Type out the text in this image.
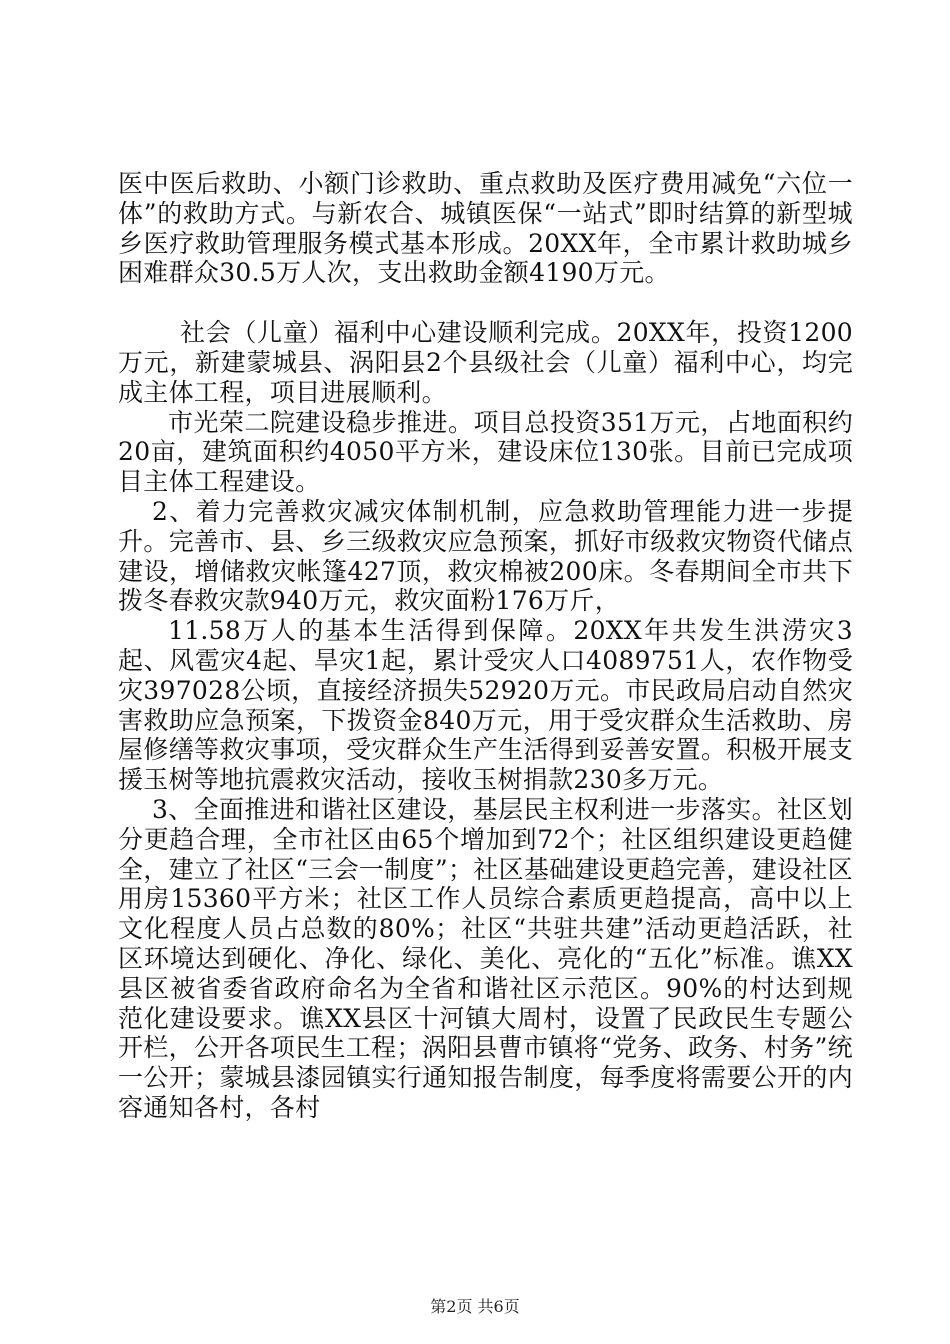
医中医后救助、小额门诊救助、重点救助及医疗费用减免“六位一体”的救助方式。与新农合、城镇医保“一站式”即时结算的新型城乡医疗救助管理服务模式基本形成。20XX年，全市累计救助城乡困难群众30.5万人次，支出救助金额4190万元。

社会（儿童）福利中心建设顺利完成。20XX年，投资1200万元，新建蒙城县、涡阳县2个县级社会（儿童）福利中心，均完成主体工程，项目进展顺利。

市光荣二院建设稳步推进。项目总投资351万元，占地面积约20亩，建筑面积约4050平方米，建设床位130张。目前已完成项目主体工程建设。

2、着力完善救灾减灾体制机制，应急救助管理能力进一步提升。完善市、县、乡三级救灾应急预案，抓好市级救灾物资代储点建设，增储救灾帐篷427顶，救灾棉被200床。冬春期间全市共下拨冬春救灾款940万元，救灾面粉176万斤，

11.58万人的基本生活得到保障。20XX年共发生洪涝灾3起、风雹灾4起、旱灾1起，累计受灾人口4089751人，农作物受灾397028公顷，直接经济损失52920万元。市民政局启动自然灾害救助应急预案，下拨资金840万元，用于受灾群众生活救助、房屋修缮等救灾事项，受灾群众生产生活得到妥善安置。积极开展支援玉树等地抗震救灾活动，接收玉树捐款230多万元。

3、全面推进和谐社区建设，基层民主权利进一步落实。社区划分更趋合理，全市社区由65个增加到72个；社区组织建设更趋健全，建立了社区“三会一制度”；社区基础建设更趋完善，建设社区用房15360平方米；社区工作人员综合素质更趋提高，高中以上文化程度人员占总数的80%；社区“共驻共建”活动更趋活跃，社区环境达到硬化、净化、绿化、美化、亮化的“五化”标准。谯XX县区被省委省政府命名为全省和谐社区示范区。90%的村达到规范化建设要求。谯XX县区十河镇大周村，设置了民政民生专题公开栏，公开各项民生工程；涡阳县曹市镇将“党务、政务、村务”统一公开；蒙城县漆园镇实行通知报告制度，每季度将需要公开的内容通知各村，各村

第2页 共6页
